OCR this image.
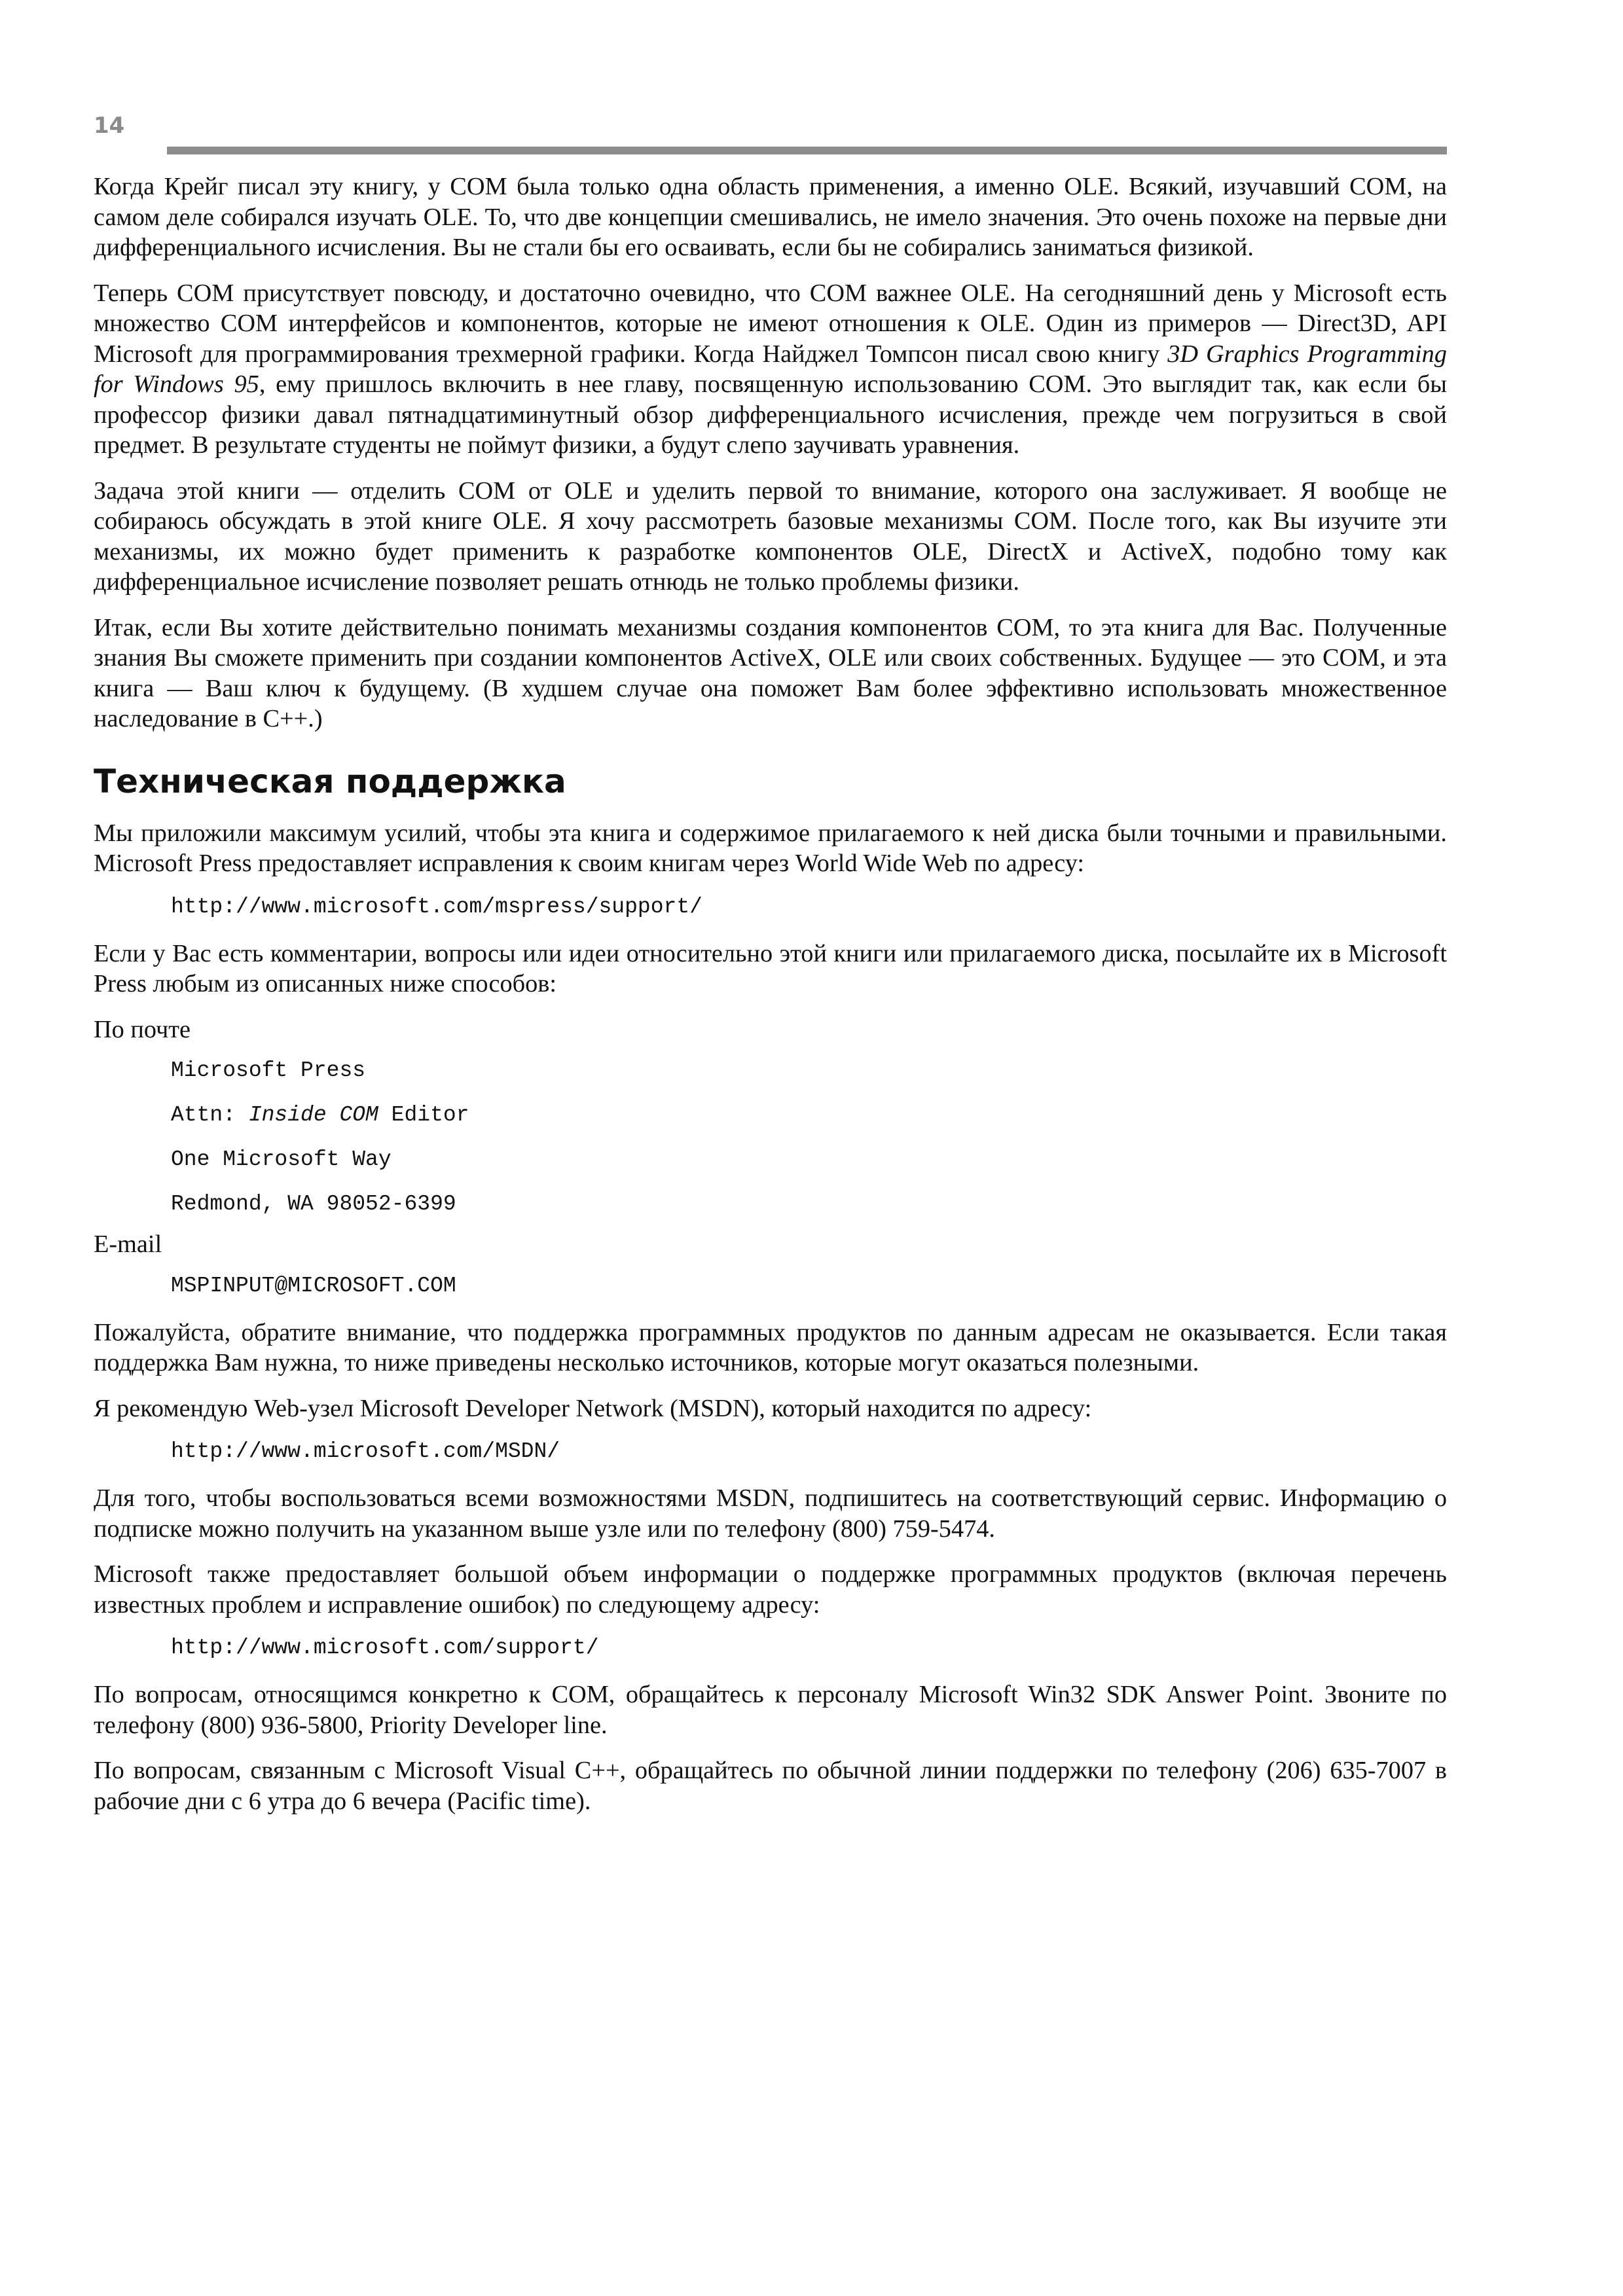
14

Когда Крейг писал эту книгу, у COM была только одна область применения, а именно OLE. Всякий, изучавший COM, на самом деле собирался изучать OLE. То, что две концепции смешивались, не имело значения. Это очень похоже на первые дни дифференциального исчисления. Вы не стали бы его осваивать, если бы не собирались заниматься физикой.

Теперь COM присутствует повсюду, и достаточно очевидно, что COM важнее OLE. На сегодняшний день у Microsoft есть множество COM интерфейсов и компонентов, которые не имеют отношения к OLE. Один из примеров — Direct3D, API Microsoft для программирования трехмерной графики. Когда Найджел Томпсон писал свою книгу 3D Graphics Programming for Windows 95, ему пришлось включить в нее главу, посвященную использованию COM. Это выглядит так, как если бы профессор физики давал пятнадцатиминутный обзор дифференциального исчисления, прежде чем погрузиться в свой предмет. В результате студенты не поймут физики, а будут слепо заучивать уравнения.

Задача этой книги — отделить COM от OLE и уделить первой то внимание, которого она заслуживает. Я вообще не собираюсь обсуждать в этой книге OLE. Я хочу рассмотреть базовые механизмы COM. После того, как Вы изучите эти механизмы, их можно будет применить к разработке компонентов OLE, DirectX и ActiveX, подобно тому как дифференциальное исчисление позволяет решать отнюдь не только проблемы физики.

Итак, если Вы хотите действительно понимать механизмы создания компонентов COM, то эта книга для Вас. Полученные знания Вы сможете применить при создании компонентов ActiveX, OLE или своих собственных. Будущее — это COM, и эта книга — Ваш ключ к будущему. (В худшем случае она поможет Вам более эффективно использовать множественное наследование в C++.)

Техническая поддержка

Мы приложили максимум усилий, чтобы эта книга и содержимое прилагаемого к ней диска были точными и правильными. Microsoft Press предоставляет исправления к своим книгам через World Wide Web по адресу:

http://www.microsoft.com/mspress/support/

Если у Вас есть комментарии, вопросы или идеи относительно этой книги или прилагаемого диска, посылайте их в Microsoft Press любым из описанных ниже способов:

По почте
Microsoft Press
Attn: Inside COM Editor
One Microsoft Way
Redmond, WA 98052-6399
E-mail
MSPINPUT@MICROSOFT.COM

Пожалуйста, обратите внимание, что поддержка программных продуктов по данным адресам не оказывается. Если такая поддержка Вам нужна, то ниже приведены несколько источников, которые могут оказаться полезными.

Я рекомендую Web-узел Microsoft Developer Network (MSDN), который находится по адресу:

http://www.microsoft.com/MSDN/

Для того, чтобы воспользоваться всеми возможностями MSDN, подпишитесь на соответствующий сервис. Информацию о подписке можно получить на указанном выше узле или по телефону (800) 759-5474.

Microsoft также предоставляет большой объем информации о поддержке программных продуктов (включая перечень известных проблем и исправление ошибок) по следующему адресу:

http://www.microsoft.com/support/

По вопросам, относящимся конкретно к COM, обращайтесь к персоналу Microsoft Win32 SDK Answer Point. Звоните по телефону (800) 936-5800, Priority Developer line.

По вопросам, связанным с Microsoft Visual C++, обращайтесь по обычной линии поддержки по телефону (206) 635-7007 в рабочие дни с 6 утра до 6 вечера (Pacific time).
